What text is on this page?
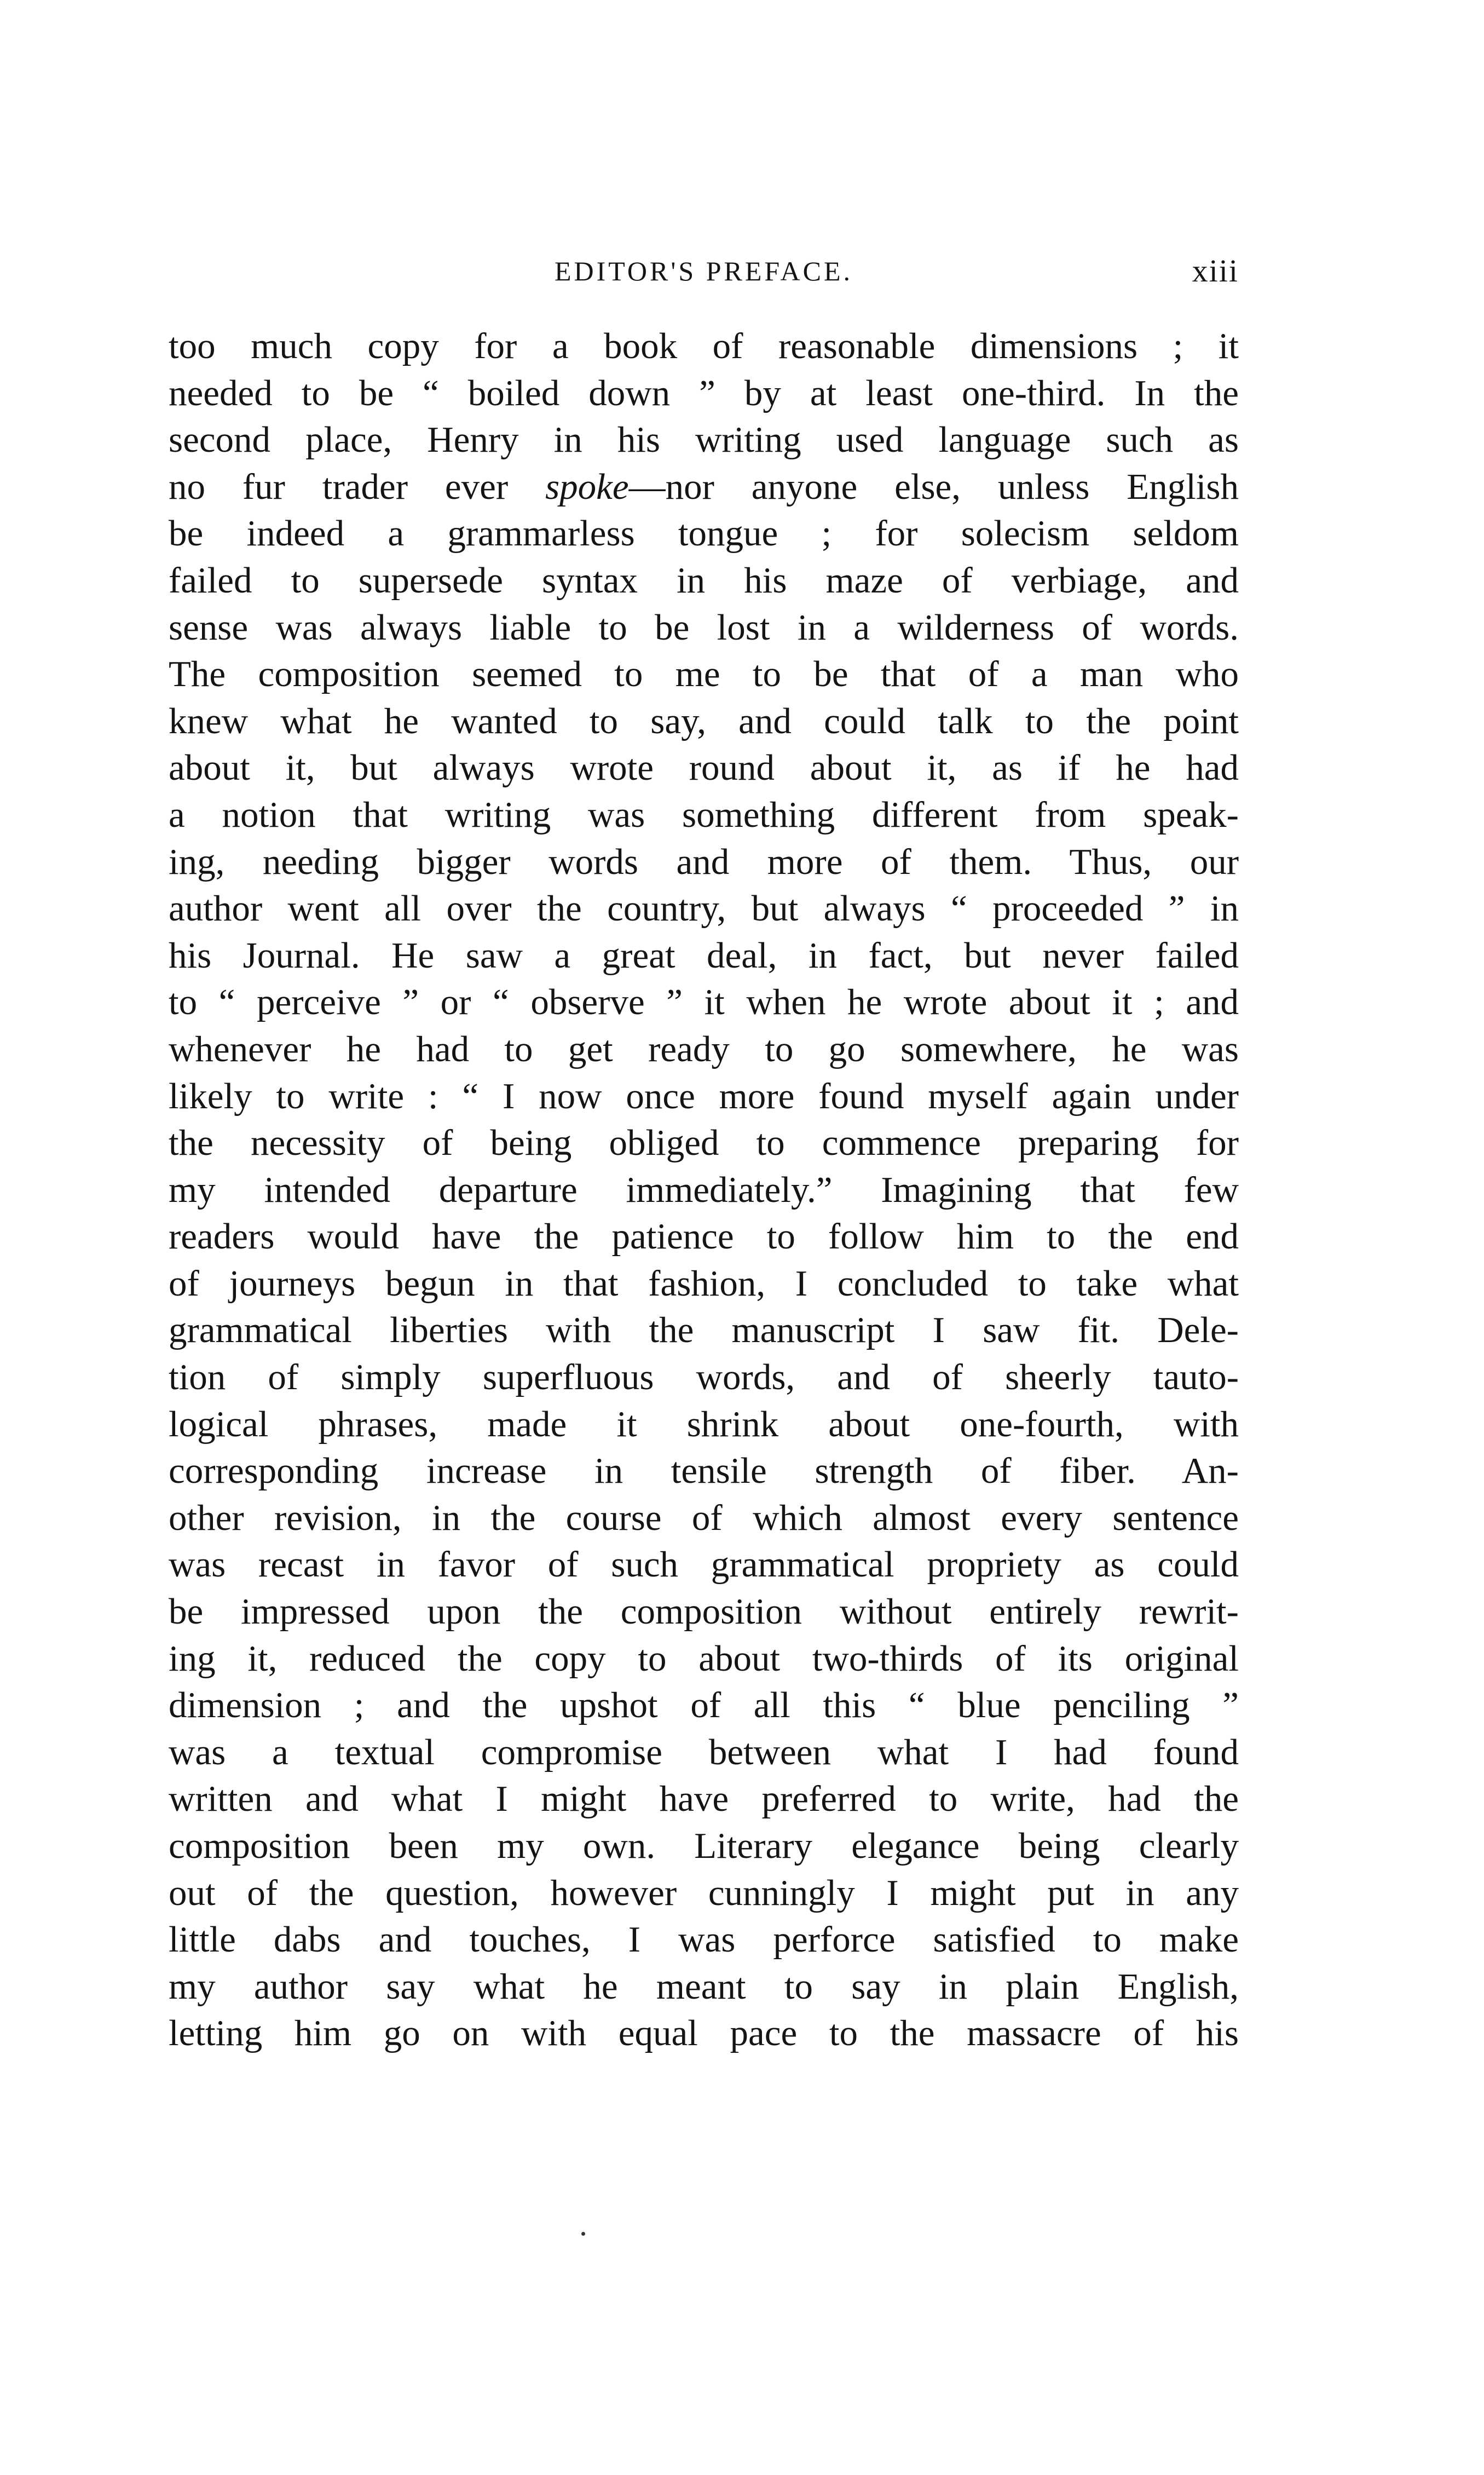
EDITOR'S PREFACE.	xiii
too much copy for a book of reasonable dimensions ; it
needed to be “ boiled down ” by at least one-third. In the
second place, Henry in his writing used language such as
no fur trader ever spoke—nor anyone else, unless English
be indeed a grammarless tongue ; for solecism seldom
failed to supersede syntax in his maze of verbiage, and
sense was always liable to be lost in a wilderness of words.
The composition seemed to me to be that of a man who
knew what he wanted to say, and could talk to the point
about it, but always wrote round about it, as if he had
a notion that writing was something different from speak-
ing, needing bigger words and more of them. Thus, our
author went all over the country, but always “ proceeded ” in
his Journal. He saw a great deal, in fact, but never failed
to “ perceive ” or “ observe ” it when he wrote about it ; and
whenever he had to get ready to go somewhere, he was
likely to write : “ I now once more found myself again under
the necessity of being obliged to commence preparing for
my intended departure immediately.” Imagining that few
readers would have the patience to follow him to the end
of journeys begun in that fashion, I concluded to take what
grammatical liberties with the manuscript I saw fit. Dele-
tion of simply superfluous words, and of sheerly tauto-
logical phrases, made it shrink about one-fourth, with
corresponding increase in tensile strength of fiber. An-
other revision, in the course of which almost every sentence
was recast in favor of such grammatical propriety as could
be impressed upon the composition without entirely rewrit-
ing it, reduced the copy to about two-thirds of its original
dimension ; and the upshot of all this “ blue penciling ”
was a textual compromise between what I had found
written and what I might have preferred to write, had the
composition been my own. Literary elegance being clearly
out of the question, however cunningly I might put in any
little dabs and touches, I was perforce satisfied to make
my author say what he meant to say in plain English,
letting him go on with equal pace to the massacre of his
